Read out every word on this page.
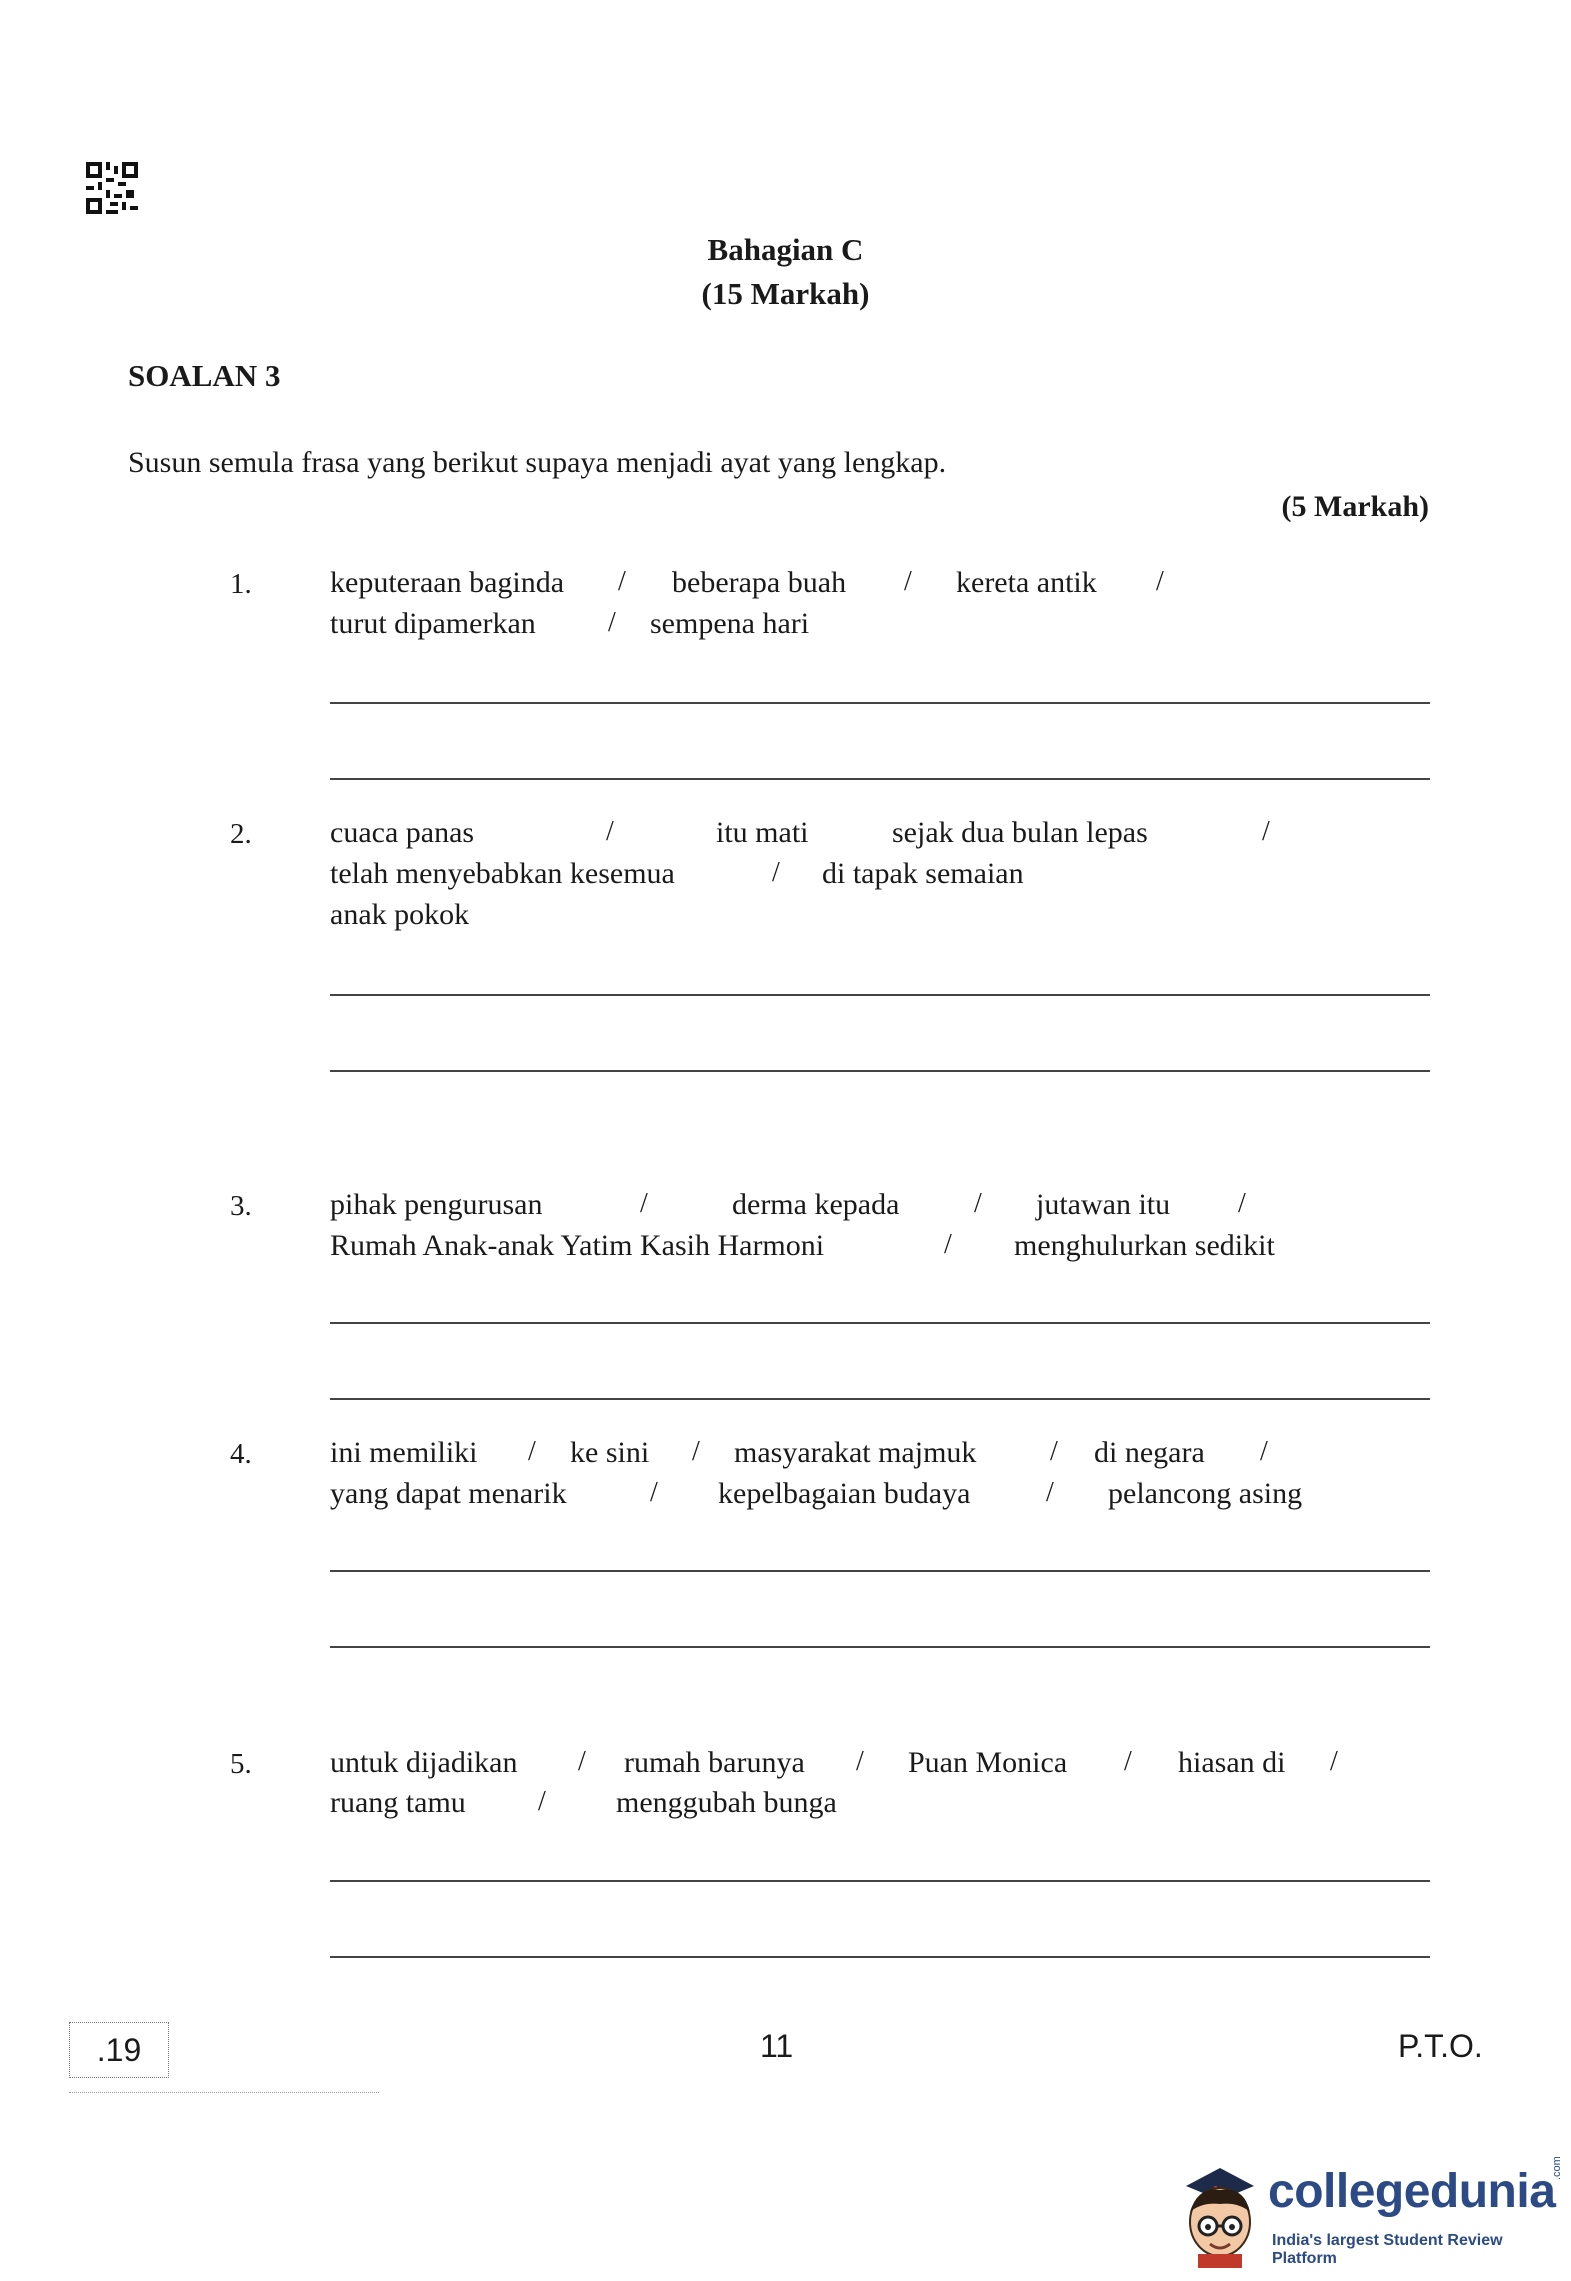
Bahagian C
(15 Markah)
SOALAN 3
Susun semula frasa yang berikut supaya menjadi ayat yang lengkap.
(5 Markah)
1.	keputeraan baginda / beberapa buah / kereta antik /
turut dipamerkan	/ sempena hari
2.	cuaca panas	/	itu mati	sejak dua bulan lepas	/
telah menyebabkan kesemua	/ di tapak semaian
anak pokok
3.	pihak pengurusan	/	derma kepada	/ jutawan itu /
Rumah Anak-anak Yatim Kasih Harmoni	/ menghulurkan sedikit
4.	ini memiliki / ke sini / masyarakat majmuk	/ di negara /
yang dapat menarik	/ kepelbagaian budaya	/ pelancong asing
5.	untuk dijadikan / rumah barunya / Puan Monica / hiasan di /
ruang tamu	/ menggubah bunga
.19	11	P.T.O.
collegedunia
.com
India's largest Student Review Platform
